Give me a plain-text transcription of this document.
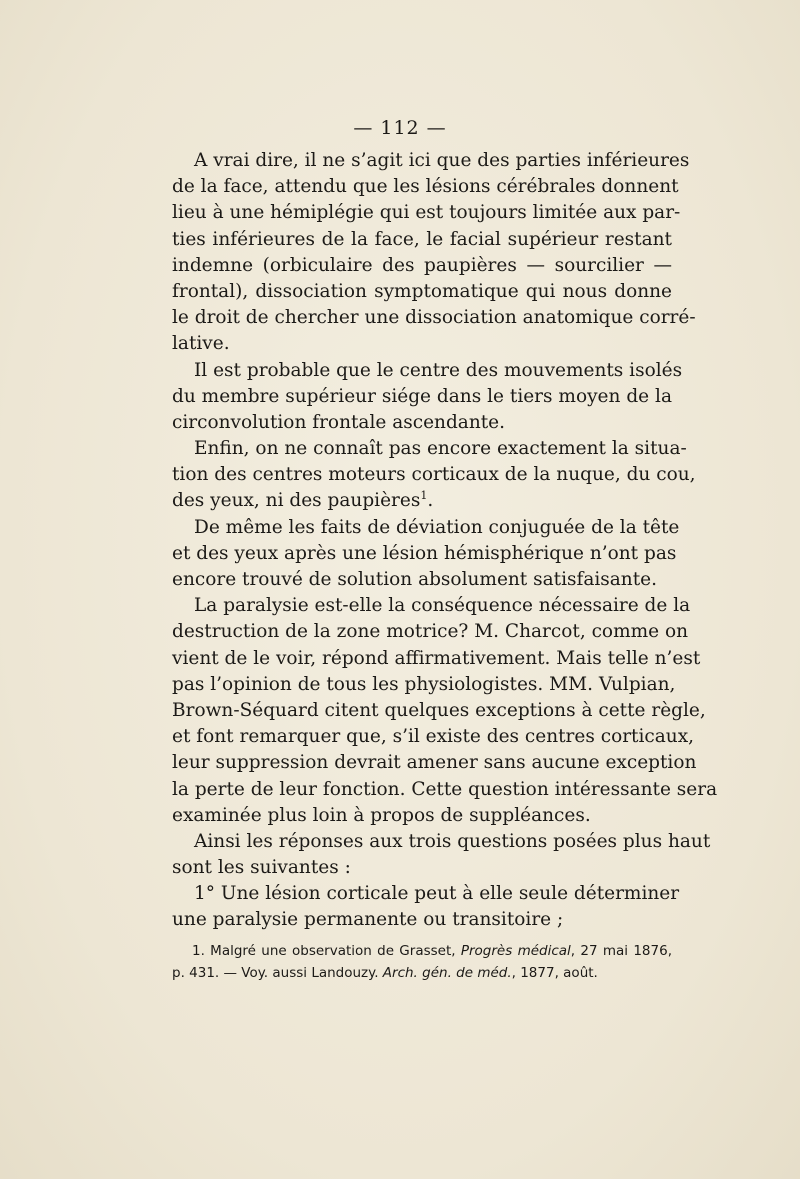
— 112 —
A vrai dire, il ne s’agit ici que des parties inférieures
de la face, attendu que les lésions cérébrales donnent
lieu à une hémiplégie qui est toujours limitée aux par-
ties inférieures de la face, le facial supérieur restant
indemne (orbiculaire des paupières — sourcilier —
frontal), dissociation symptomatique qui nous donne
le droit de chercher une dissociation anatomique corré-
lative.
Il est probable que le centre des mouvements isolés
du membre supérieur siége dans le tiers moyen de la
circonvolution frontale ascendante.
Enfin, on ne connaît pas encore exactement la situa-
tion des centres moteurs corticaux de la nuque, du cou,
des yeux, ni des paupières$^1$.
De même les faits de déviation conjuguée de la tête
et des yeux après une lésion hémisphérique n’ont pas
encore trouvé de solution absolument satisfaisante.
La paralysie est-elle la conséquence nécessaire de la
destruction de la zone motrice? M. Charcot, comme on
vient de le voir, répond affirmativement. Mais telle n’est
pas l’opinion de tous les physiologistes. MM. Vulpian,
Brown-Séquard citent quelques exceptions à cette règle,
et font remarquer que, s’il existe des centres corticaux,
leur suppression devrait amener sans aucune exception
la perte de leur fonction. Cette question intéressante sera
examinée plus loin à propos de suppléances.
Ainsi les réponses aux trois questions posées plus haut
sont les suivantes :
1° Une lésion corticale peut à elle seule déterminer
une paralysie permanente ou transitoire ;
1. Malgré une observation de Grasset, Progrès médical, 27 mai 1876,
p. 431. — Voy. aussi Landouzy. Arch. gén. de méd., 1877, août.
